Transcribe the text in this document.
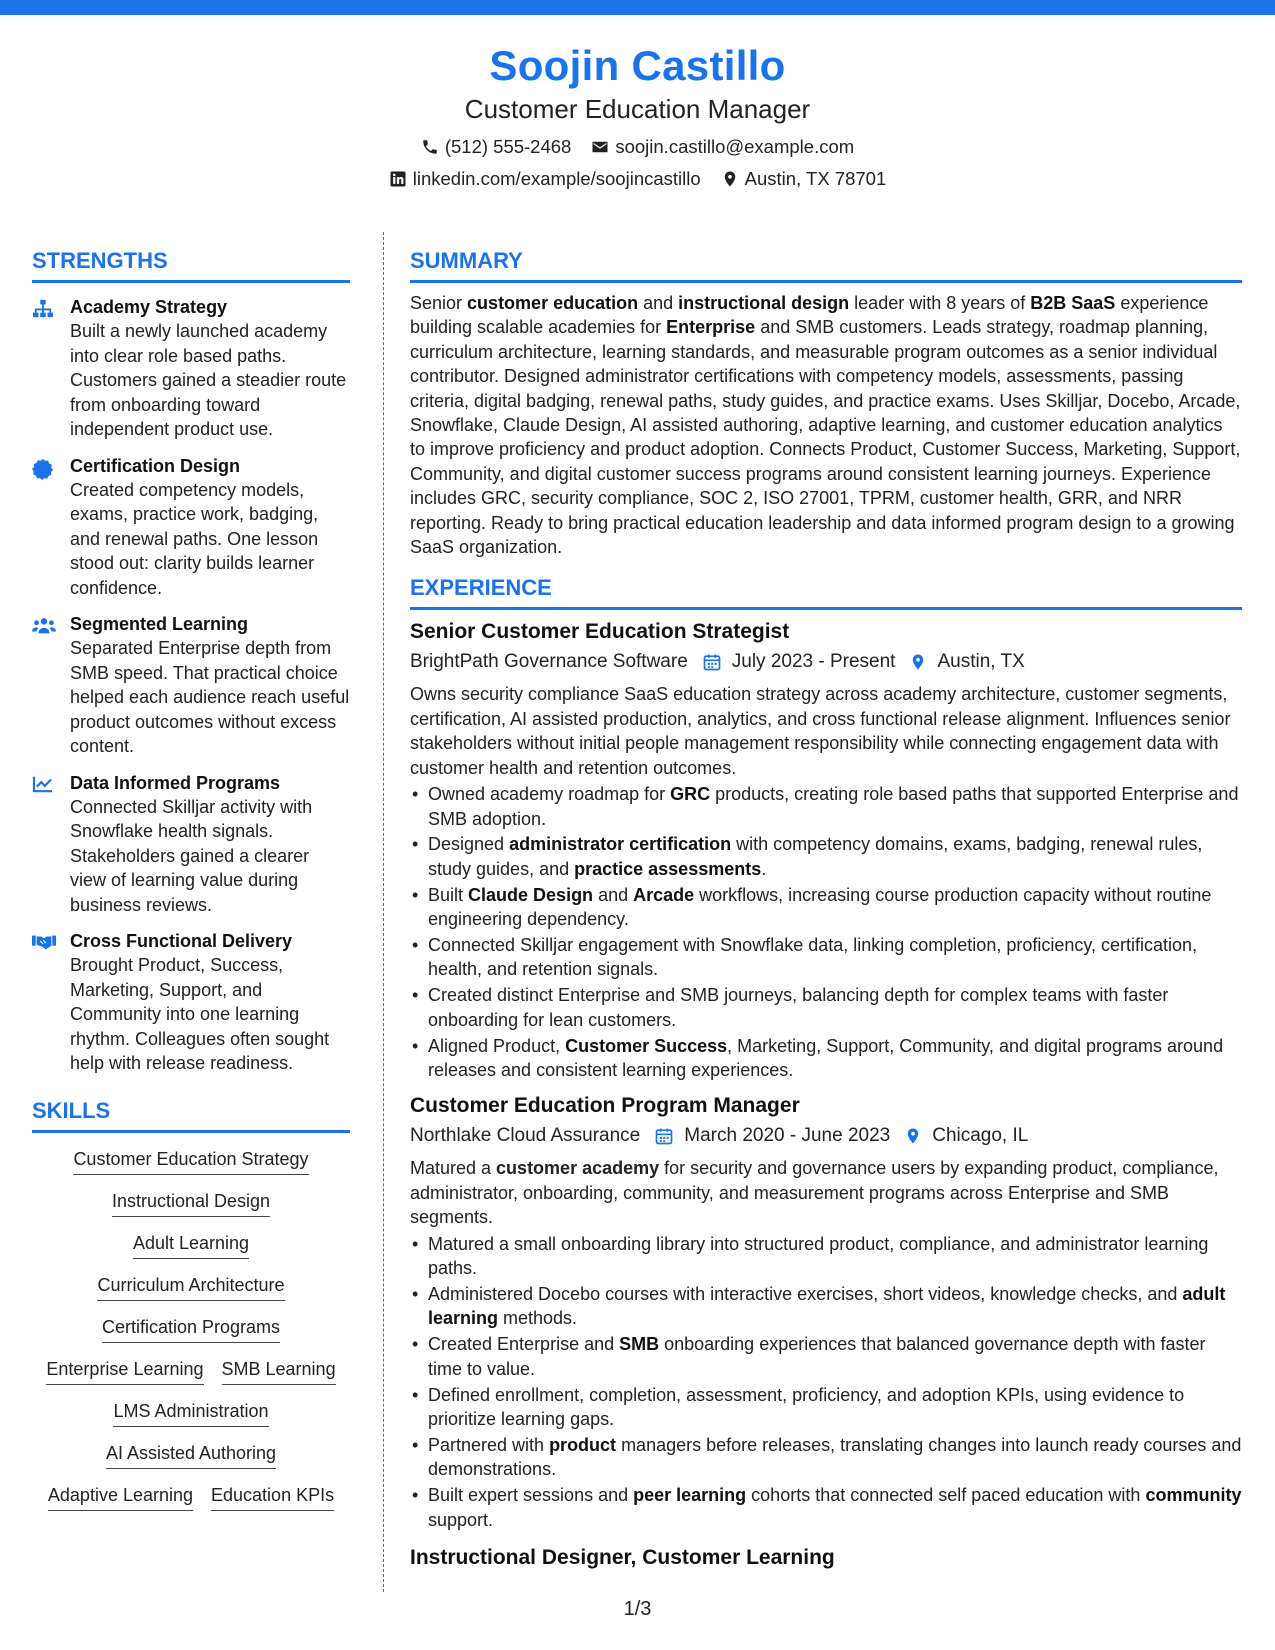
Soojin Castillo
Customer Education Manager
(512) 555-2468 soojin.castillo@example.com
linkedin.com/example/soojincastillo Austin, TX 78701
STRENGTHS
Academy Strategy
Built a newly launched academy into clear role based paths. Customers gained a steadier route from onboarding toward independent product use.
Certification Design
Created competency models, exams, practice work, badging, and renewal paths. One lesson stood out: clarity builds learner confidence.
Segmented Learning
Separated Enterprise depth from SMB speed. That practical choice helped each audience reach useful product outcomes without excess content.
Data Informed Programs
Connected Skilljar activity with Snowflake health signals. Stakeholders gained a clearer view of learning value during business reviews.
Cross Functional Delivery
Brought Product, Success, Marketing, Support, and Community into one learning rhythm. Colleagues often sought help with release readiness.
SKILLS
Customer Education Strategy
Instructional Design
Adult Learning
Curriculum Architecture
Certification Programs
Enterprise Learning SMB Learning
LMS Administration
AI Assisted Authoring
Adaptive Learning Education KPIs
SUMMARY
Senior customer education and instructional design leader with 8 years of B2B SaaS experience building scalable academies for Enterprise and SMB customers. Leads strategy, roadmap planning, curriculum architecture, learning standards, and measurable program outcomes as a senior individual contributor. Designed administrator certifications with competency models, assessments, passing criteria, digital badging, renewal paths, study guides, and practice exams. Uses Skilljar, Docebo, Arcade, Snowflake, Claude Design, AI assisted authoring, adaptive learning, and customer education analytics to improve proficiency and product adoption. Connects Product, Customer Success, Marketing, Support, Community, and digital customer success programs around consistent learning journeys. Experience includes GRC, security compliance, SOC 2, ISO 27001, TPRM, customer health, GRR, and NRR reporting. Ready to bring practical education leadership and data informed program design to a growing SaaS organization.
EXPERIENCE
Senior Customer Education Strategist
BrightPath Governance Software July 2023 - Present Austin, TX
Owns security compliance SaaS education strategy across academy architecture, customer segments, certification, AI assisted production, analytics, and cross functional release alignment. Influences senior stakeholders without initial people management responsibility while connecting engagement data with customer health and retention outcomes.
• Owned academy roadmap for GRC products, creating role based paths that supported Enterprise and SMB adoption.
• Designed administrator certification with competency domains, exams, badging, renewal rules, study guides, and practice assessments.
• Built Claude Design and Arcade workflows, increasing course production capacity without routine engineering dependency.
• Connected Skilljar engagement with Snowflake data, linking completion, proficiency, certification, health, and retention signals.
• Created distinct Enterprise and SMB journeys, balancing depth for complex teams with faster onboarding for lean customers.
• Aligned Product, Customer Success, Marketing, Support, Community, and digital programs around releases and consistent learning experiences.
Customer Education Program Manager
Northlake Cloud Assurance March 2020 - June 2023 Chicago, IL
Matured a customer academy for security and governance users by expanding product, compliance, administrator, onboarding, community, and measurement programs across Enterprise and SMB segments.
• Matured a small onboarding library into structured product, compliance, and administrator learning paths.
• Administered Docebo courses with interactive exercises, short videos, knowledge checks, and adult learning methods.
• Created Enterprise and SMB onboarding experiences that balanced governance depth with faster time to value.
• Defined enrollment, completion, assessment, proficiency, and adoption KPIs, using evidence to prioritize learning gaps.
• Partnered with product managers before releases, translating changes into launch ready courses and demonstrations.
• Built expert sessions and peer learning cohorts that connected self paced education with community support.
Instructional Designer, Customer Learning
1/3
